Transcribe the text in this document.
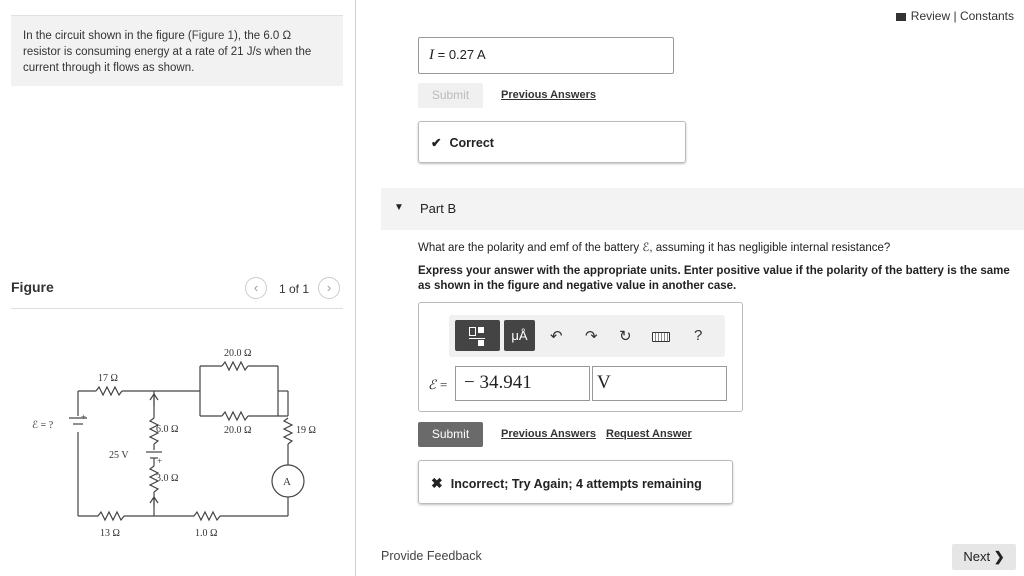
In the circuit shown in the figure (Figure 1), the 6.0 Ω resistor is consuming energy at a rate of 21 J/s when the current through it flows as shown.
Figure	‹	1 of 1	›
20.0 Ω
17 Ω
20.0 Ω
6.0 Ω	19 Ω
ℰ = ?
25 V
3.0 Ω
13 Ω	1.0 Ω
A
+
+
Review | Constants
I = 0.27 A
Submit	Previous Answers
✔ Correct
▼ Part B
What are the polarity and emf of the battery ℰ, assuming it has negligible internal resistance?
Express your answer with the appropriate units. Enter positive value if the polarity of the battery is the same as shown in the figure and negative value in another case.
μÅ	↶ ↷ ↻	?
ℰ = − 34.941	V
Submit	Previous Answers Request Answer
✖ Incorrect; Try Again; 4 attempts remaining
Provide Feedback	Next ❯
